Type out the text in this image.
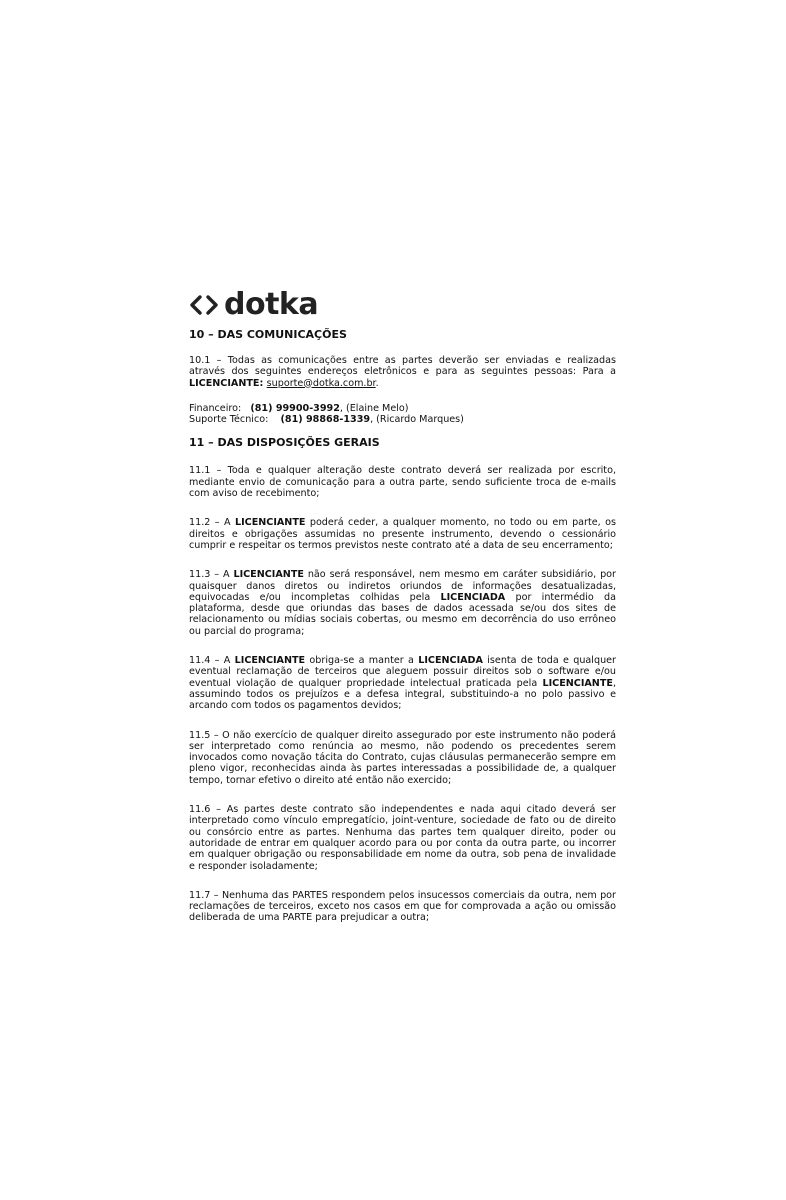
dotka

10 – DAS COMUNICAÇÕES

10.1 – Todas as comunicações entre as partes deverão ser enviadas e realizadas através dos seguintes endereços eletrônicos e para as seguintes pessoas: Para a LICENCIANTE: suporte@dotka.com.br.

Financeiro: (81) 99900-3992, (Elaine Melo)

Suporte Técnico: (81) 98868-1339, (Ricardo Marques)

11 – DAS DISPOSIÇÕES GERAIS

11.1 – Toda e qualquer alteração deste contrato deverá ser realizada por escrito, mediante envio de comunicação para a outra parte, sendo suficiente troca de e-mails com aviso de recebimento;

11.2 – A LICENCIANTE poderá ceder, a qualquer momento, no todo ou em parte, os direitos e obrigações assumidas no presente instrumento, devendo o cessionário cumprir e respeitar os termos previstos neste contrato até a data de seu encerramento;

11.3 – A LICENCIANTE não será responsável, nem mesmo em caráter subsidiário, por quaisquer danos diretos ou indiretos oriundos de informações desatualizadas, equivocadas e/ou incompletas colhidas pela LICENCIADA por intermédio da plataforma, desde que oriundas das bases de dados acessada se/ou dos sites de relacionamento ou mídias sociais cobertas, ou mesmo em decorrência do uso errôneo ou parcial do programa;

11.4 – A LICENCIANTE obriga-se a manter a LICENCIADA isenta de toda e qualquer eventual reclamação de terceiros que aleguem possuir direitos sob o software e/ou eventual violação de qualquer propriedade intelectual praticada pela LICENCIANTE, assumindo todos os prejuízos e a defesa integral, substituindo-a no polo passivo e arcando com todos os pagamentos devidos;

11.5 – O não exercício de qualquer direito assegurado por este instrumento não poderá ser interpretado como renúncia ao mesmo, não podendo os precedentes serem invocados como novação tácita do Contrato, cujas cláusulas permanecerão sempre em pleno vigor, reconhecidas ainda às partes interessadas a possibilidade de, a qualquer tempo, tornar efetivo o direito até então não exercido;

11.6 – As partes deste contrato são independentes e nada aqui citado deverá ser interpretado como vínculo empregatício, joint-venture, sociedade de fato ou de direito ou consórcio entre as partes. Nenhuma das partes tem qualquer direito, poder ou autoridade de entrar em qualquer acordo para ou por conta da outra parte, ou incorrer em qualquer obrigação ou responsabilidade em nome da outra, sob pena de invalidade e responder isoladamente;

11.7 – Nenhuma das PARTES respondem pelos insucessos comerciais da outra, nem por reclamações de terceiros, exceto nos casos em que for comprovada a ação ou omissão deliberada de uma PARTE para prejudicar a outra;
